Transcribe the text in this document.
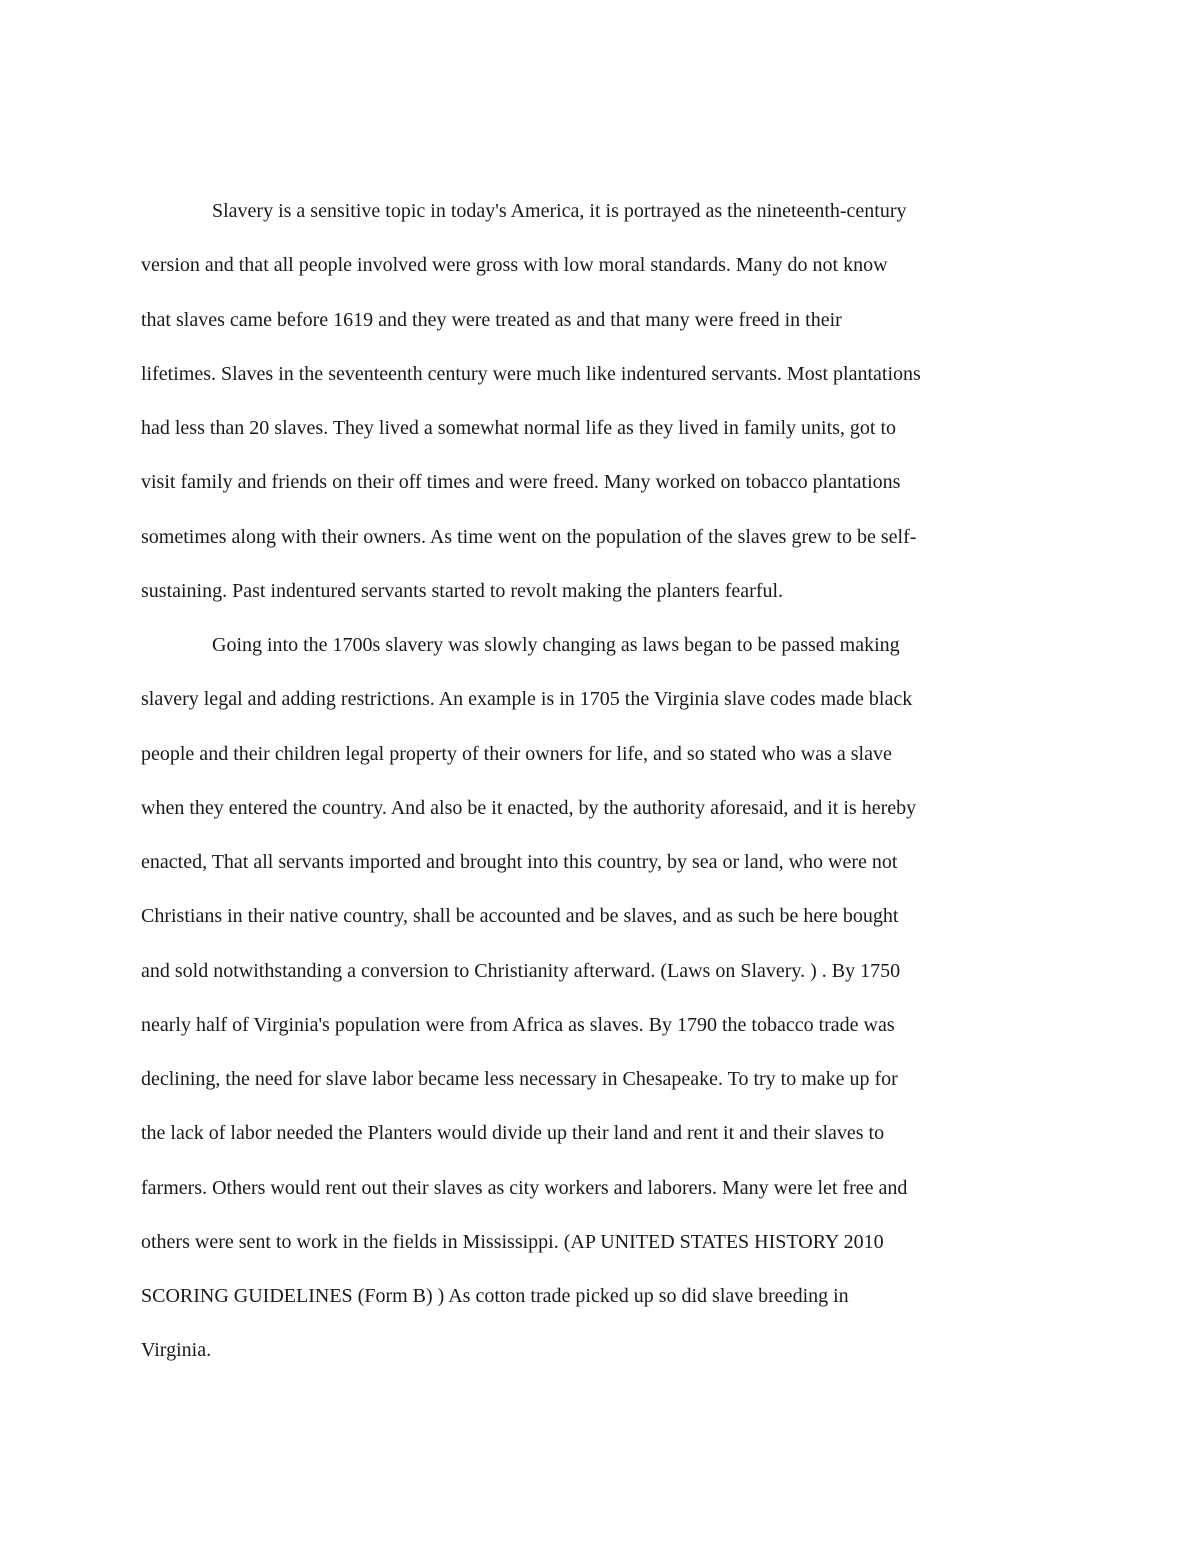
Slavery is a sensitive topic in today's America, it is portrayed as the nineteenth-century
version and that all people involved were gross with low moral standards. Many do not know
that slaves came before 1619 and they were treated as and that many were freed in their
lifetimes. Slaves in the seventeenth century were much like indentured servants. Most plantations
had less than 20 slaves. They lived a somewhat normal life as they lived in family units, got to
visit family and friends on their off times and were freed. Many worked on tobacco plantations
sometimes along with their owners. As time went on the population of the slaves grew to be self-
sustaining. Past indentured servants started to revolt making the planters fearful.
Going into the 1700s slavery was slowly changing as laws began to be passed making
slavery legal and adding restrictions. An example is in 1705 the Virginia slave codes made black
people and their children legal property of their owners for life, and so stated who was a slave
when they entered the country. And also be it enacted, by the authority aforesaid, and it is hereby
enacted, That all servants imported and brought into this country, by sea or land, who were not
Christians in their native country, shall be accounted and be slaves, and as such be here bought
and sold notwithstanding a conversion to Christianity afterward. (Laws on Slavery. ) . By 1750
nearly half of Virginia's population were from Africa as slaves. By 1790 the tobacco trade was
declining, the need for slave labor became less necessary in Chesapeake. To try to make up for
the lack of labor needed the Planters would divide up their land and rent it and their slaves to
farmers. Others would rent out their slaves as city workers and laborers. Many were let free and
others were sent to work in the fields in Mississippi. (AP UNITED STATES HISTORY 2010
SCORING GUIDELINES (Form B) ) As cotton trade picked up so did slave breeding in
Virginia.
